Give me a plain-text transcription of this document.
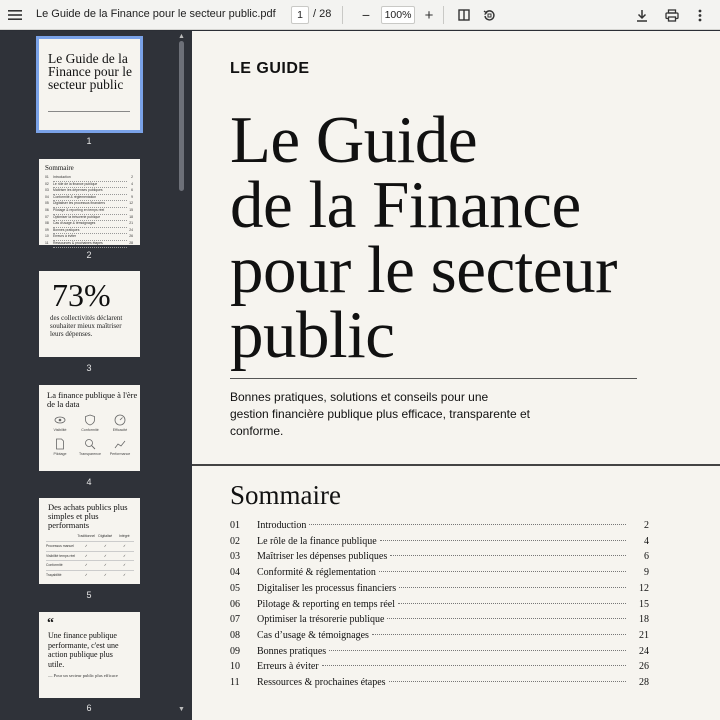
Le Guide de la Finance pour le secteur public.pdf	1 / 28 −	100% +
Le Guide de la Finance pour le secteur public
1
Sommaire
01	Introduction	2
02	Le rôle de la finance publique	4
03	Maîtriser les dépenses publiques	6
04	Conformité & réglementation	9
05	Digitaliser les processus financiers	12
06	Pilotage & reporting en temps réel	15
07	Optimiser la trésorerie publique	18
08	Cas d'usage & témoignages	21
09	Bonnes pratiques	24
10	Erreurs à éviter	26
11	Ressources & prochaines étapes	28
2
73%
des collectivités déclarent souhaiter mieux maîtriser leurs dépenses.
3
La finance publique à l'ère de la data
Visibilité	Conformité	Efficacité
Pilotage	Transparence	Performance
4
Des achats publics plus simples et plus performants
Traditionnel	Digitalisé	Intégré
Processus manuel	✓	✓	✓
Visibilité temps réel	✓	✓	✓
Conformité	✓	✓	✓
Traçabilité	✓	✓	✓
5
“
Une finance publique performante, c'est une action publique plus utile.
— Pour un secteur public plus efficace
6
▲
▼
LE GUIDE
Le Guide
de la Finance
pour le secteur
public
Bonnes pratiques, solutions et conseils pour une gestion financière publique plus efficace, transparente et conforme.
Sommaire
01	Introduction	2
02	Le rôle de la finance publique	4
03	Maîtriser les dépenses publiques	6
04	Conformité & réglementation	9
05	Digitaliser les processus financiers	12
06	Pilotage & reporting en temps réel	15
07	Optimiser la trésorerie publique	18
08	Cas d’usage & témoignages	21
09	Bonnes pratiques	24
10	Erreurs à éviter	26
11	Ressources & prochaines étapes	28
